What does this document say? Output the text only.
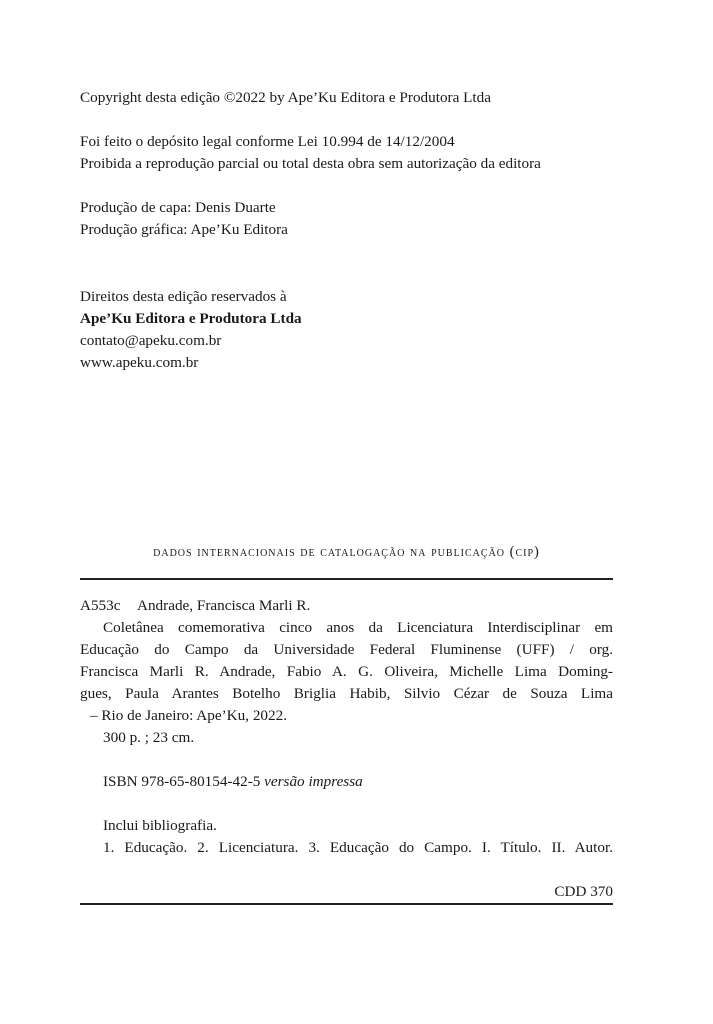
Copyright desta edição ©2022 by Ape’Ku Editora e Produtora Ltda
Foi feito o depósito legal conforme Lei 10.994 de 14/12/2004
Proibida a reprodução parcial ou total desta obra sem autorização da editora
Produção de capa: Denis Duarte
Produção gráfica: Ape’Ku Editora
Direitos desta edição reservados à
Ape’Ku Editora e Produtora Ltda
contato@apeku.com.br
www.apeku.com.br
dados internacionais de catalogação na publicação (cip)
A553c Andrade, Francisca Marli R.
Coletânea comemorativa cinco anos da Licenciatura Interdisciplinar em
Educação do Campo da Universidade Federal Fluminense (UFF) / org.
Francisca Marli R. Andrade, Fabio A. G. Oliveira, Michelle Lima Doming-
gues, Paula Arantes Botelho Briglia Habib, Silvio Cézar de Souza Lima
– Rio de Janeiro: Ape’Ku, 2022.
300 p. ; 23 cm.
ISBN 978-65-80154-42-5 versão impressa
Inclui bibliografia.
1. Educação. 2. Licenciatura. 3. Educação do Campo. I. Título. II. Autor.
CDD 370
